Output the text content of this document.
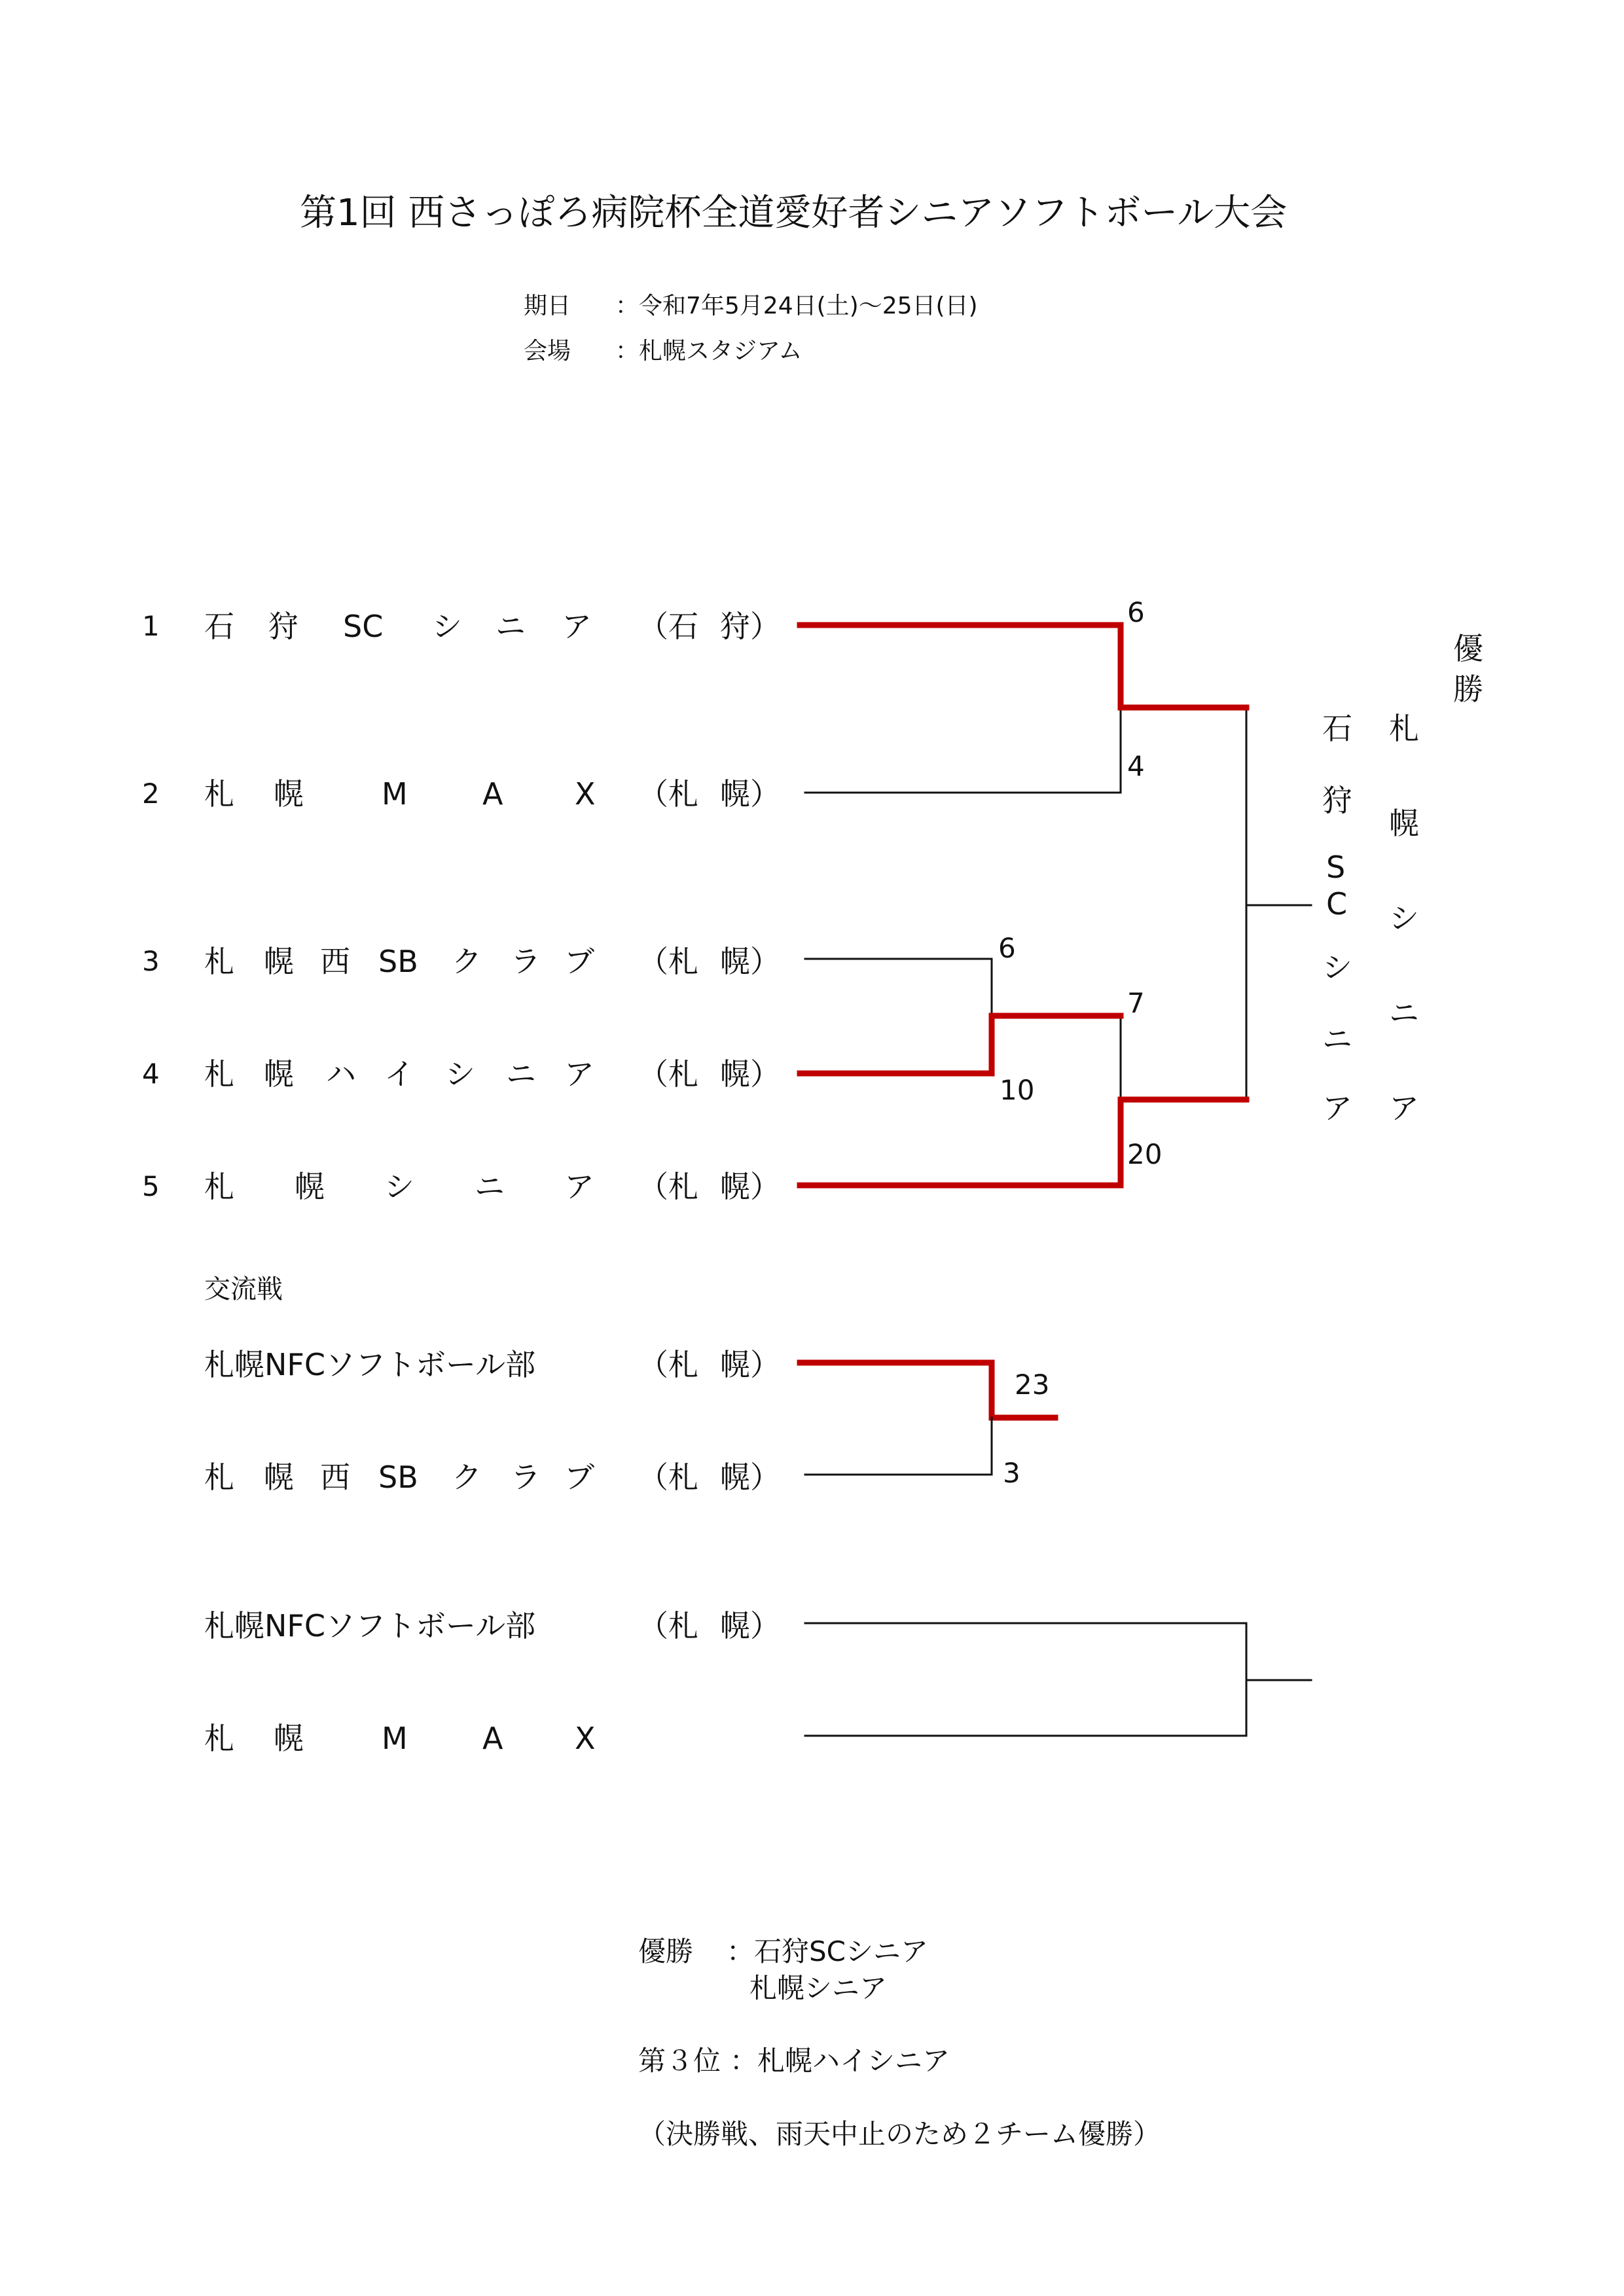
第1回 西さっぽろ病院杯全道愛好者シニアソフトボール大会
期日 ：令和7年5月24日(土)～25日(日)
会場 ：札幌スタジアム
1 石 狩 SC シ ニ ア （石 狩）
2 札 幌	M A X （札 幌）
3 札 幌 西 SB ク ラ ブ （札 幌）
4 札 幌 ハ イ シ ニ ア （札 幌）
5 札 幌 シ ニ ア （札 幌）
6
4
6
10
7
20
優勝
石
狩
S
C
シ
ニ
ア
札
幌
シ
ニ
ア
交流戦
札幌NFCソフトボール部	（札 幌）
札 幌 西 SB ク ラ ブ （札 幌）
23
3
札幌NFCソフトボール部	（札 幌）
札 幌	M A X
優勝 ：石狩SCシニア
札幌シニア
第３位 ：札幌ハイシニア
（決勝戦、雨天中止のため２チーム優勝）
